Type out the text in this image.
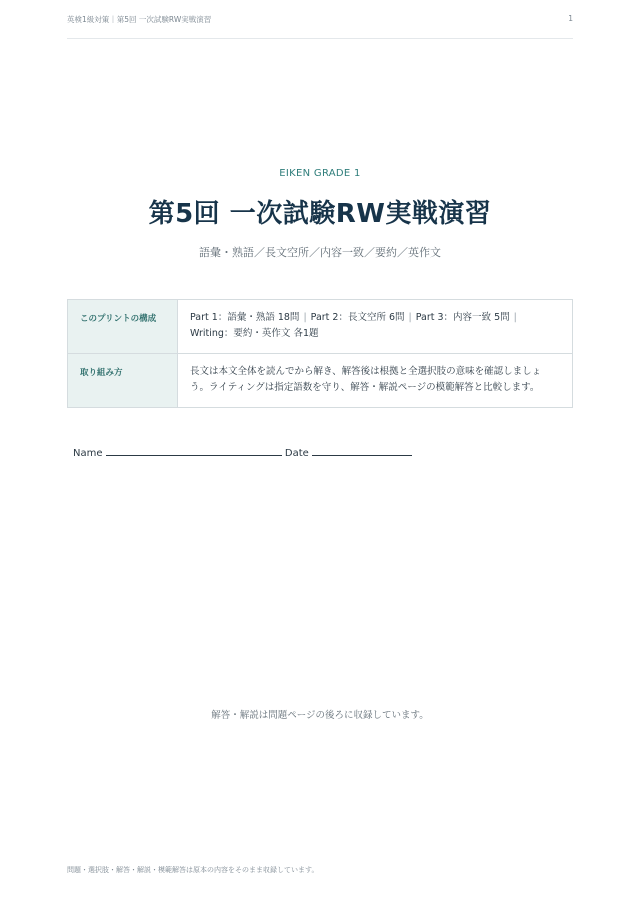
英検1級対策｜第5回 一次試験RW実戦演習	1
EIKEN GRADE 1
第5回 一次試験RW実戦演習
語彙・熟語／長文空所／内容一致／要約／英作文
このプリントの構成	Part 1：語彙・熟語 18問 | Part 2：長文空所 6問 | Part 3：内容一致 5問 |
Writing：要約・英作文 各1題
取り組み方	長文は本文全体を読んでから解き、解答後は根拠と全選択肢の意味を確認しましょう。ライティングは指定語数を守り、解答・解説ページの模範解答と比較します。
Name	Date
解答・解説は問題ページの後ろに収録しています。
問題・選択肢・解答・解説・模範解答は原本の内容をそのまま収録しています。
